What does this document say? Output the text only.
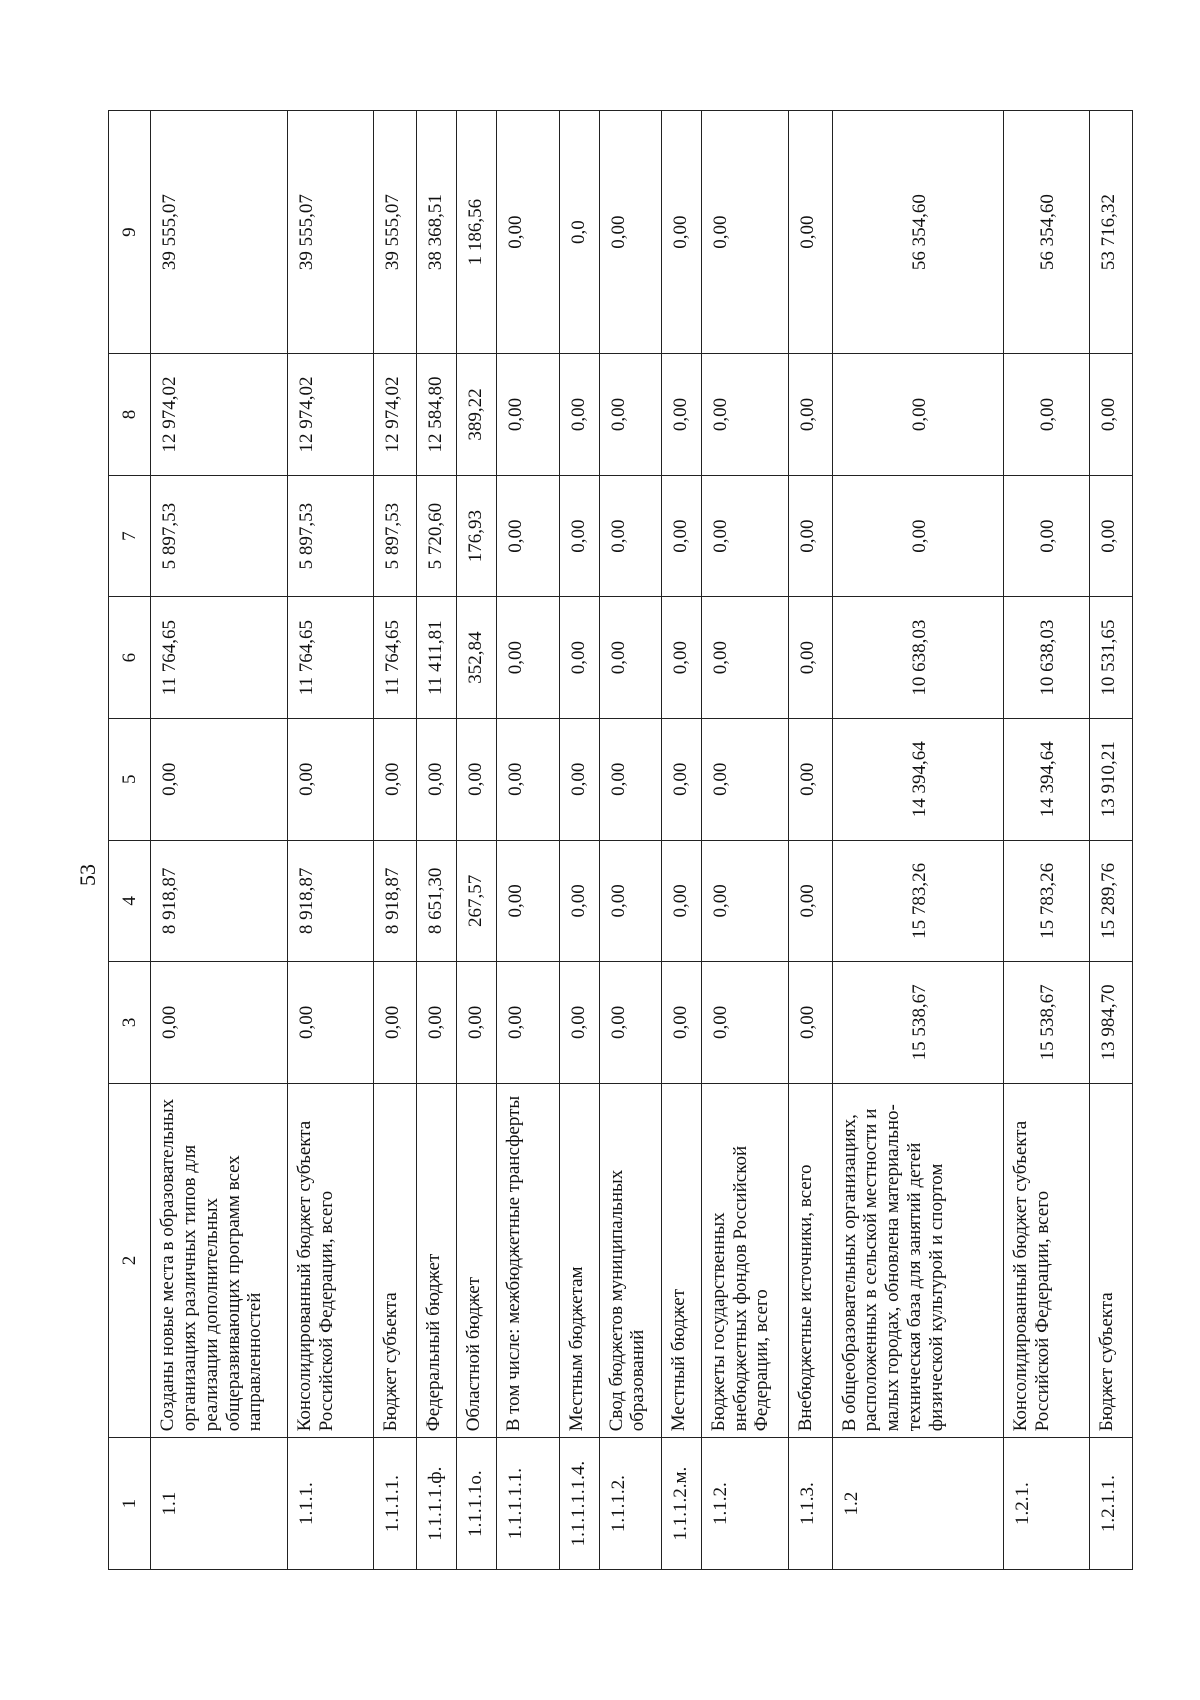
53
1	2	3	4	5	6	7	8	9
1.1	Созданы новые места в образовательных организациях различных типов для реализации дополнительных общеразвивающих программ всех направленностей	0,00	8 918,87	0,00	11 764,65	5 897,53	12 974,02	39 555,07
1.1.1.	Консолидированный бюджет субъекта Российской Федерации, всего	0,00	8 918,87	0,00	11 764,65	5 897,53	12 974,02	39 555,07
1.1.1.1.	Бюджет субъекта	0,00	8 918,87	0,00	11 764,65	5 897,53	12 974,02	39 555,07
1.1.1.1.ф.	Федеральный бюджет	0,00	8 651,30	0,00	11 411,81	5 720,60	12 584,80	38 368,51
1.1.1.1о.	Областной бюджет	0,00	267,57	0,00	352,84	176,93	389,22	1 186,56
1.1.1.1.1.	В том числе: межбюджетные трансферты	0,00	0,00	0,00	0,00	0,00	0,00	0,00
1.1.1.1.1.4.	Местным бюджетам	0,00	0,00	0,00	0,00	0,00	0,00	0,0
1.1.1.2.	Свод бюджетов муниципальных образований	0,00	0,00	0,00	0,00	0,00	0,00	0,00
1.1.1.2.м.	Местный бюджет	0,00	0,00	0,00	0,00	0,00	0,00	0,00
1.1.2.	Бюджеты государственных внебюджетных фондов Российской Федерации, всего	0,00	0,00	0,00	0,00	0,00	0,00	0,00
1.1.3.	Внебюджетные источники, всего	0,00	0,00	0,00	0,00	0,00	0,00	0,00
1.2	В общеобразовательных организациях, расположенных в сельской местности и малых городах, обновлена материально-техническая база для занятий детей физической культурой и спортом	15 538,67	15 783,26	14 394,64	10 638,03	0,00	0,00	56 354,60
1.2.1.	Консолидированный бюджет субъекта Российской Федерации, всего	15 538,67	15 783,26	14 394,64	10 638,03	0,00	0,00	56 354,60
1.2.1.1.	Бюджет субъекта	13 984,70	15 289,76	13 910,21	10 531,65	0,00	0,00	53 716,32
